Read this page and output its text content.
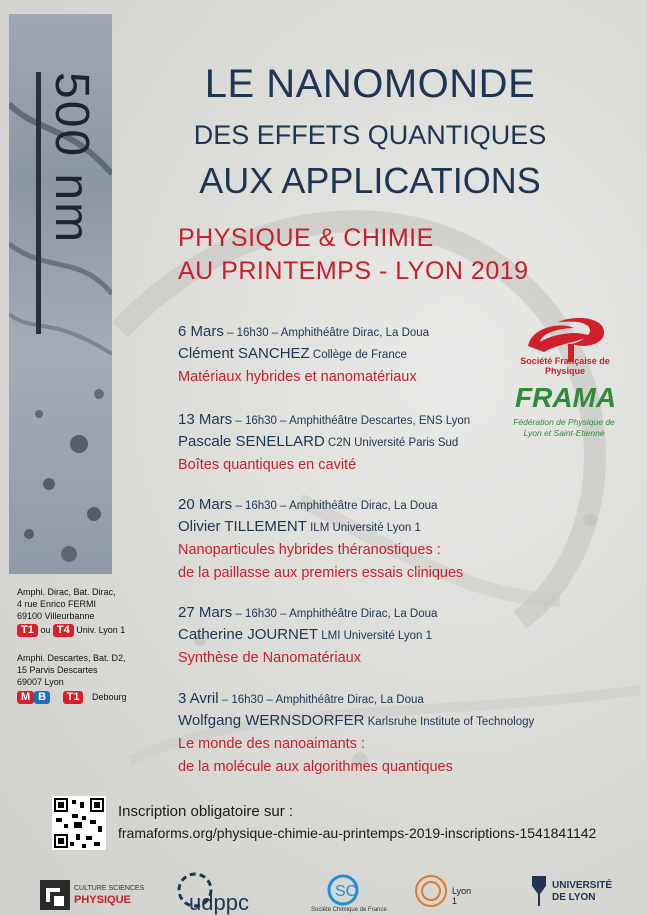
500 nm	LE NANOMONDE
DES EFFETS QUANTIQUES
AUX APPLICATIONS
PHYSIQUE & CHIMIE
AU PRINTEMPS - LYON 2019
6 Mars – 16h30 – Amphithéâtre Dirac, La Doua
Clément SANCHEZ Collège de France
Matériaux hybrides et nanomatériaux
13 Mars – 16h30 – Amphithéâtre Descartes, ENS Lyon
Pascale SENELLARD C2N Université Paris Sud
Boîtes quantiques en cavité
20 Mars – 16h30 – Amphithéâtre Dirac, La Doua
Olivier TILLEMENT ILM Université Lyon 1
Nanoparticules hybrides théranostiques :
de la paillasse aux premiers essais cliniques
27 Mars – 16h30 – Amphithéâtre Dirac, La Doua
Catherine JOURNET LMI Université Lyon 1
Synthèse de Nanomatériaux
3 Avril – 16h30 – Amphithéâtre Dirac, La Doua
Wolfgang WERNSDORFER Karlsruhe Institute of Technology
Le monde des nanoaimants :
de la molécule aux algorithmes quantiques
Société Française de Physique
FRAMA
Fédération de Physique de Lyon et Saint-Etienne
Amphi. Dirac, Bat. Dirac,
4 rue Enrico FERMI
69100 Villeurbanne
T1 ou T4 Univ. Lyon 1
Amphi. Descartes, Bat. D2,
15 Parvis Descartes
69007 Lyon
M B T1 Debourg
Inscription obligatoire sur :
framaforms.org/physique-chimie-au-printemps-2019-inscriptions-1541841142
CULTURE SCIENCES
PHYSIQUE	udppc	SC
Société Chimique de France
Lyon 1
UNIVERSITÉ
DE LYON
